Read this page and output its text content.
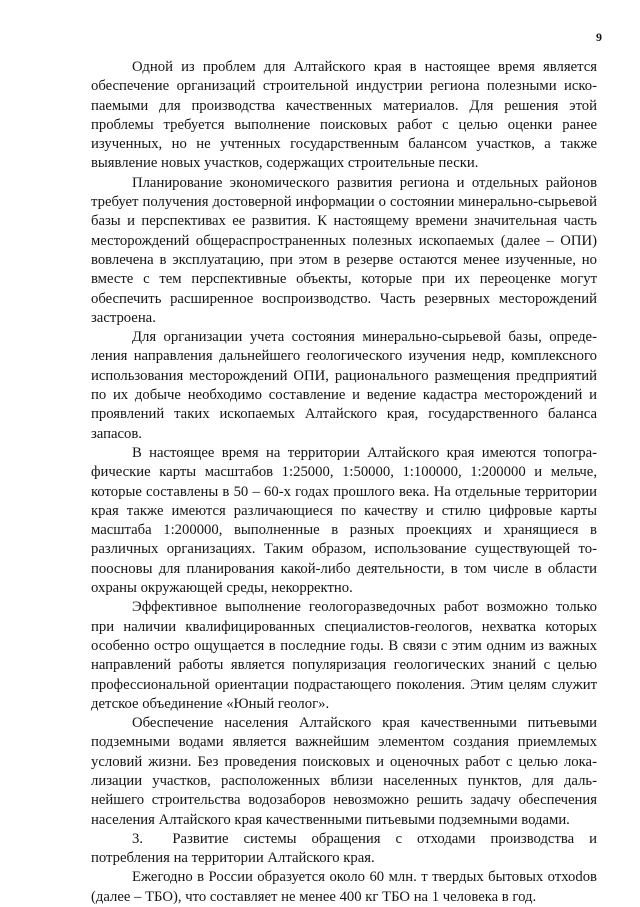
9

Одной из проблем для Алтайского края в настоящее время является обеспечение организаций строительной индустрии региона полезными ископаемыми для производства качественных материалов. Для решения этой проблемы требуется выполнение поисковых работ с целью оценки ранее изученных, но не учтенных государственным балансом участков, а также выявление новых участков, содержащих строительные пески.

Планирование экономического развития региона и отдельных районов требует получения достоверной информации о состоянии минерально-сырьевой базы и перспективах ее развития. К настоящему времени значительная часть месторождений общераспространенных полезных ископаемых (далее – ОПИ) вовлечена в эксплуатацию, при этом в резерве остаются менее изученные, но вместе с тем перспективные объекты, которые при их переоценке могут обеспечить расширенное воспроизводство. Часть резервных месторождений застроена.

Для организации учета состояния минерально-сырьевой базы, определения направления дальнейшего геологического изучения недр, комплексного использования месторождений ОПИ, рационального размещения предприятий по их добыче необходимо составление и ведение кадастра месторождений и проявлений таких ископаемых Алтайского края, государственного баланса запасов.

В настоящее время на территории Алтайского края имеются топографические карты масштабов 1:25000, 1:50000, 1:100000, 1:200000 и мельче, которые составлены в 50 – 60-х годах прошлого века. На отдельные территории края также имеются различающиеся по качеству и стилю цифровые карты масштаба 1:200000, выполненные в разных проекциях и хранящиеся в различных организациях. Таким образом, использование существующей топоосновы для планирования какой-либо деятельности, в том числе в области охраны окружающей среды, некорректно.

Эффективное выполнение геологоразведочных работ возможно только при наличии квалифицированных специалистов-геологов, нехватка которых особенно остро ощущается в последние годы. В связи с этим одним из важных направлений работы является популяризация геологических знаний с целью профессиональной ориентации подрастающего поколения. Этим целям служит детское объединение «Юный геолог».

Обеспечение населения Алтайского края качественными питьевыми подземными водами является важнейшим элементом создания приемлемых условий жизни. Без проведения поисковых и оценочных работ с целью локализации участков, расположенных вблизи населенных пунктов, для дальнейшего строительства водозаборов невозможно решить задачу обеспечения населения Алтайского края качественными питьевыми подземными водами.

3.  Развитие системы обращения с отходами производства и потребления на территории Алтайского края.

Ежегодно в России образуется около 60 млн. т твердых бытовых отхоdов (далее – ТБО), что составляет не менее 400 кг ТБО на 1 человека в год.
